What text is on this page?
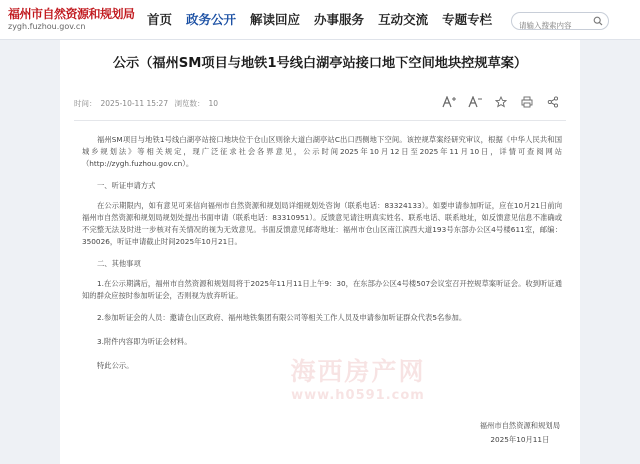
福州市自然资源和规划局
zygh.fuzhou.gov.cn	首页	政务公开	解读回应	办事服务	互动交流	专题专栏
请输入搜索内容
公示（福州SM项目与地铁1号线白湖亭站接口地下空间地块控规草案）
时间： 2025-10-11 15:27 浏览数： 10

福州SM项目与地铁1号线白湖亭站接口地块位于仓山区则徐大道白湖亭站C出口西侧地下空间。该控规草案经研究审议，根据《中华人民共和国城乡规划法》等相关规定，现广泛征求社会各界意见，公示时间2025年10月12日至2025年11月10日，详情可查阅网站（http://zygh.fuzhou.gov.cn）。

一、听证申请方式

在公示期限内，如有意见可来信向福州市自然资源和规划局详细规划处咨询（联系电话：83324133）。如要申请参加听证，应在10月21日前向福州市自然资源和规划局规划处提出书面申请（联系电话：83310951）。反馈意见请注明真实姓名、联系电话、联系地址，如反馈意见信息不准确或不完整无法及时进一步核对有关情况的视为无效意见。书面反馈意见邮寄地址：福州市仓山区南江滨西大道193号东部办公区4号楼611室，邮编：350026，听证申请截止时间2025年10月21日。

二、其他事项

1.在公示期满后，福州市自然资源和规划局将于2025年11月11日上午9：30，在东部办公区4号楼507会议室召开控规草案听证会。收到听证通知的群众应按时参加听证会，否则视为放弃听证。

2.参加听证会的人员：邀请仓山区政府、福州地铁集团有限公司等相关工作人员及申请参加听证群众代表5名参加。

3.附件内容即为听证会材料。

特此公示。

福州市自然资源和规划局
2025年10月11日
